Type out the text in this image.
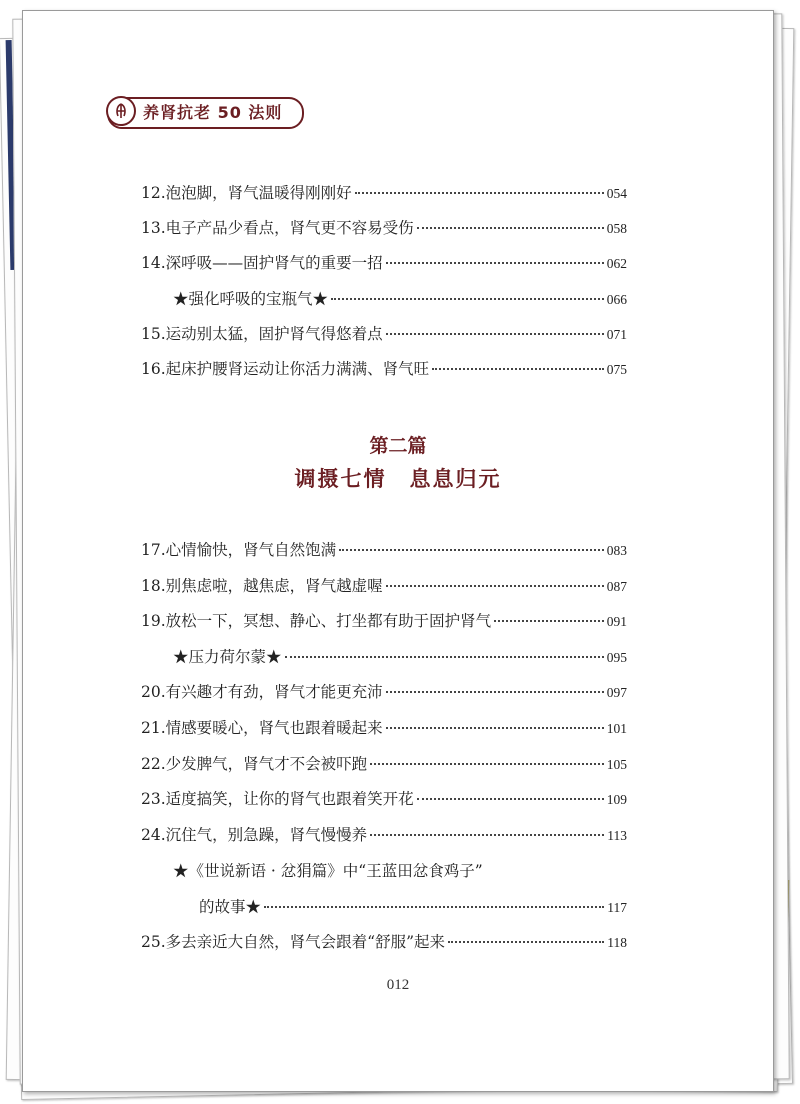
养肾抗老 50 法则
12. 泡泡脚，肾气温暖得刚刚好	054
13. 电子产品少看点，肾气更不容易受伤	058
14. 深呼吸——固护肾气的重要一招	062
★强化呼吸的宝瓶气★	066
15. 运动别太猛，固护肾气得悠着点	071
16. 起床护腰肾运动让你活力满满、肾气旺	075
第二篇
调摄七情　息息归元
17. 心情愉快，肾气自然饱满	083
18. 别焦虑啦，越焦虑，肾气越虚喔	087
19. 放松一下，冥想、静心、打坐都有助于固护肾气	091
★压力荷尔蒙★	095
20. 有兴趣才有劲，肾气才能更充沛	097
21. 情感要暖心，肾气也跟着暖起来	101
22. 少发脾气，肾气才不会被吓跑	105
23. 适度搞笑，让你的肾气也跟着笑开花	109
24. 沉住气，别急躁，肾气慢慢养	113
★《世说新语 · 忿狷篇》中“王蓝田忿食鸡子”
的故事★	117
25. 多去亲近大自然，肾气会跟着“舒服”起来	118
012
